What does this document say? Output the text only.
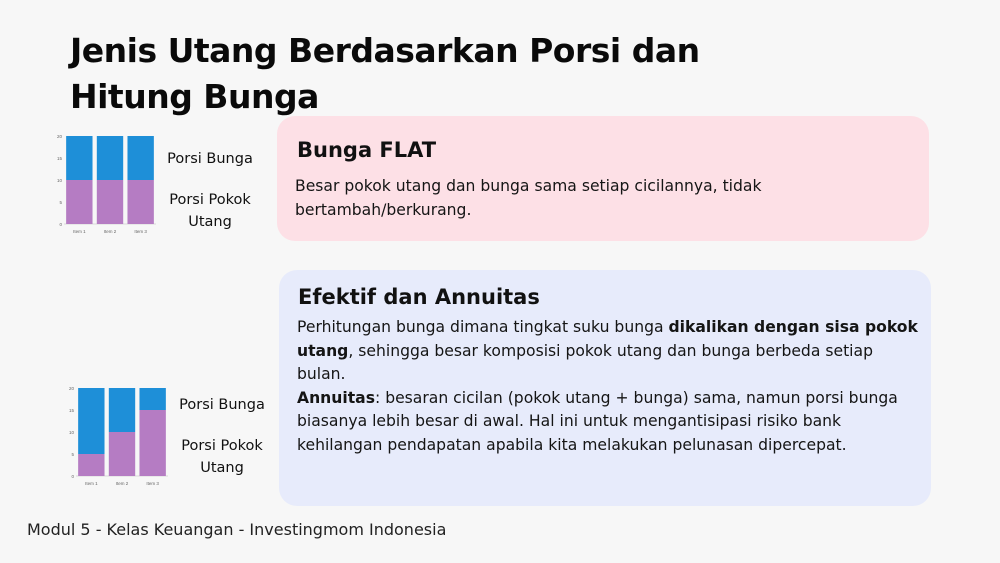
Jenis Utang Berdasarkan Porsi dan Hitung Bunga
0
5
10
15
20
Item 1	Item 2	Item 3
Porsi Bunga
Porsi Pokok
Utang
0
5
10
15
20
Item 1	Item 2	Item 3
Porsi Bunga
Porsi Pokok
Utang
Bunga FLAT
Besar pokok utang dan bunga sama setiap cicilannya, tidak bertambah/berkurang.
Efektif dan Annuitas
Perhitungan bunga dimana tingkat suku bunga dikalikan dengan sisa pokok utang, sehingga besar komposisi pokok utang dan bunga berbeda setiap bulan.
Annuitas: besaran cicilan (pokok utang + bunga) sama, namun porsi bunga biasanya lebih besar di awal. Hal ini untuk mengantisipasi risiko bank kehilangan pendapatan apabila kita melakukan pelunasan dipercepat.
Modul 5 - Kelas Keuangan - Investingmom Indonesia
